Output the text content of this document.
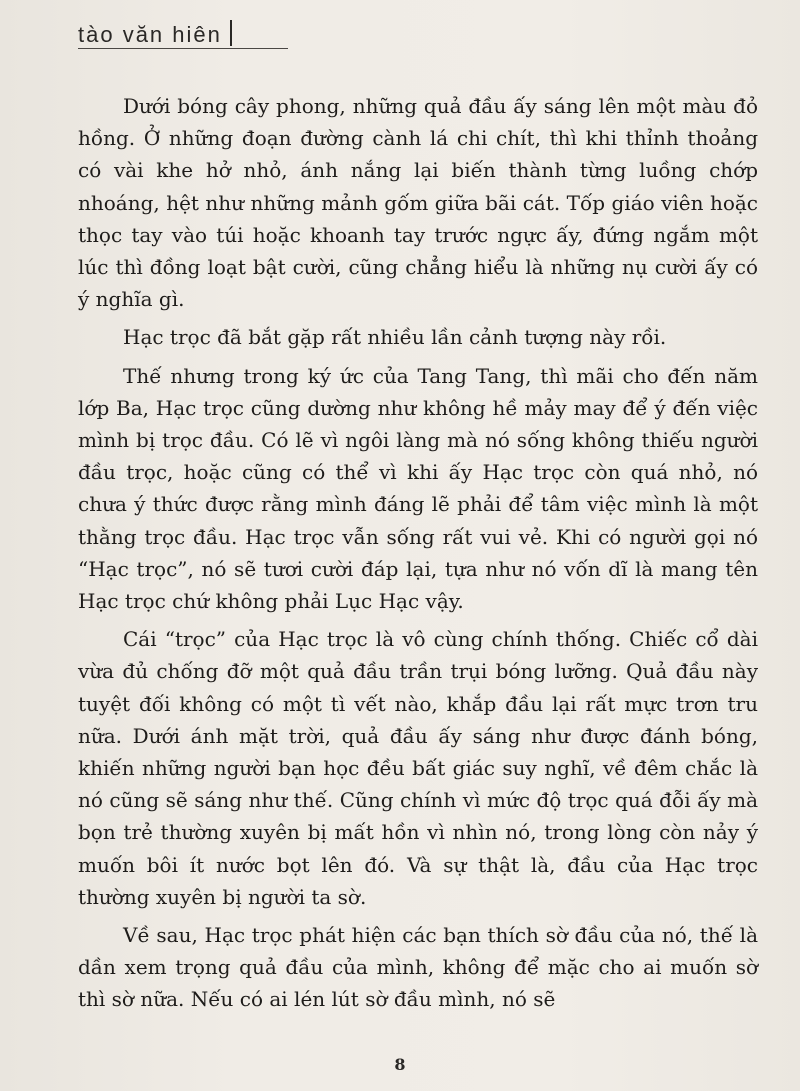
tào văn hiên

Dưới bóng cây phong, những quả đầu ấy sáng lên một màu đỏ hồng. Ở những đoạn đường cành lá chi chít, thì khi thỉnh thoảng có vài khe hở nhỏ, ánh nắng lại biến thành từng luồng chớp nhoáng, hệt như những mảnh gốm giữa bãi cát. Tốp giáo viên hoặc thọc tay vào túi hoặc khoanh tay trước ngực ấy, đứng ngắm một lúc thì đồng loạt bật cười, cũng chẳng hiểu là những nụ cười ấy có ý nghĩa gì.

Hạc trọc đã bắt gặp rất nhiều lần cảnh tượng này rồi.

Thế nhưng trong ký ức của Tang Tang, thì mãi cho đến năm lớp Ba, Hạc trọc cũng dường như không hề mảy may để ý đến việc mình bị trọc đầu. Có lẽ vì ngôi làng mà nó sống không thiếu người đầu trọc, hoặc cũng có thể vì khi ấy Hạc trọc còn quá nhỏ, nó chưa ý thức được rằng mình đáng lẽ phải để tâm việc mình là một thằng trọc đầu. Hạc trọc vẫn sống rất vui vẻ. Khi có người gọi nó “Hạc trọc”, nó sẽ tươi cười đáp lại, tựa như nó vốn dĩ là mang tên Hạc trọc chứ không phải Lục Hạc vậy.

Cái “trọc” của Hạc trọc là vô cùng chính thống. Chiếc cổ dài vừa đủ chống đỡ một quả đầu trần trụi bóng lưỡng. Quả đầu này tuyệt đối không có một tì vết nào, khắp đầu lại rất mực trơn tru nữa. Dưới ánh mặt trời, quả đầu ấy sáng như được đánh bóng, khiến những người bạn học đều bất giác suy nghĩ, về đêm chắc là nó cũng sẽ sáng như thế. Cũng chính vì mức độ trọc quá đỗi ấy mà bọn trẻ thường xuyên bị mất hồn vì nhìn nó, trong lòng còn nảy ý muốn bôi ít nước bọt lên đó. Và sự thật là, đầu của Hạc trọc thường xuyên bị người ta sờ.

Về sau, Hạc trọc phát hiện các bạn thích sờ đầu của nó, thế là dần xem trọng quả đầu của mình, không để mặc cho ai muốn sờ thì sờ nữa. Nếu có ai lén lút sờ đầu mình, nó sẽ

8
